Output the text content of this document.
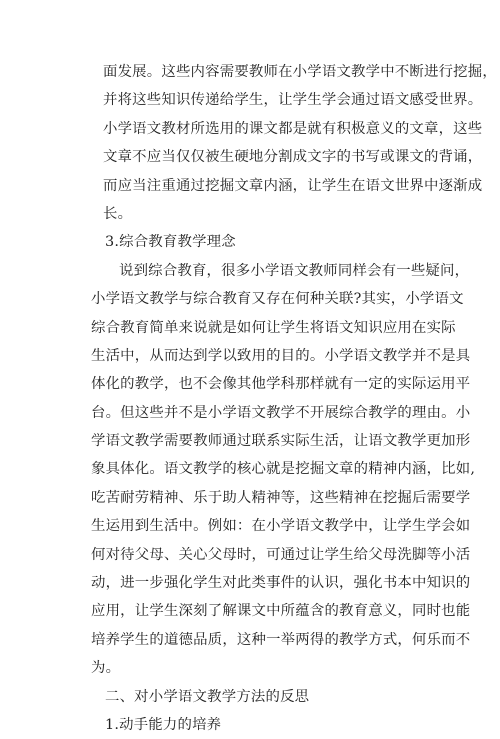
面发展。这些内容需要教师在小学语文教学中不断进行挖掘，
并将这些知识传递给学生，让学生学会通过语文感受世界。
小学语文教材所选用的课文都是就有积极意义的文章，这些
文章不应当仅仅被生硬地分割成文字的书写或课文的背诵，
而应当注重通过挖掘文章内涵，让学生在语文世界中逐渐成
长。
3.综合教育教学理念
说到综合教育，很多小学语文教师同样会有一些疑问，
小学语文教学与综合教育又存在何种关联?其实，小学语文
综合教育简单来说就是如何让学生将语文知识应用在实际
生活中，从而达到学以致用的目的。小学语文教学并不是具
体化的教学，也不会像其他学科那样就有一定的实际运用平
台。但这些并不是小学语文教学不开展综合教学的理由。小
学语文教学需要教师通过联系实际生活，让语文教学更加形
象具体化。语文教学的核心就是挖掘文章的精神内涵，比如,
吃苦耐劳精神、乐于助人精神等，这些精神在挖掘后需要学
生运用到生活中。例如：在小学语文教学中，让学生学会如
何对待父母、关心父母时，可通过让学生给父母洗脚等小活
动，进一步强化学生对此类事件的认识，强化书本中知识的
应用，让学生深刻了解课文中所蕴含的教育意义，同时也能
培养学生的道德品质，这种一举两得的教学方式，何乐而不
为。
二、对小学语文教学方法的反思
1.动手能力的培养
